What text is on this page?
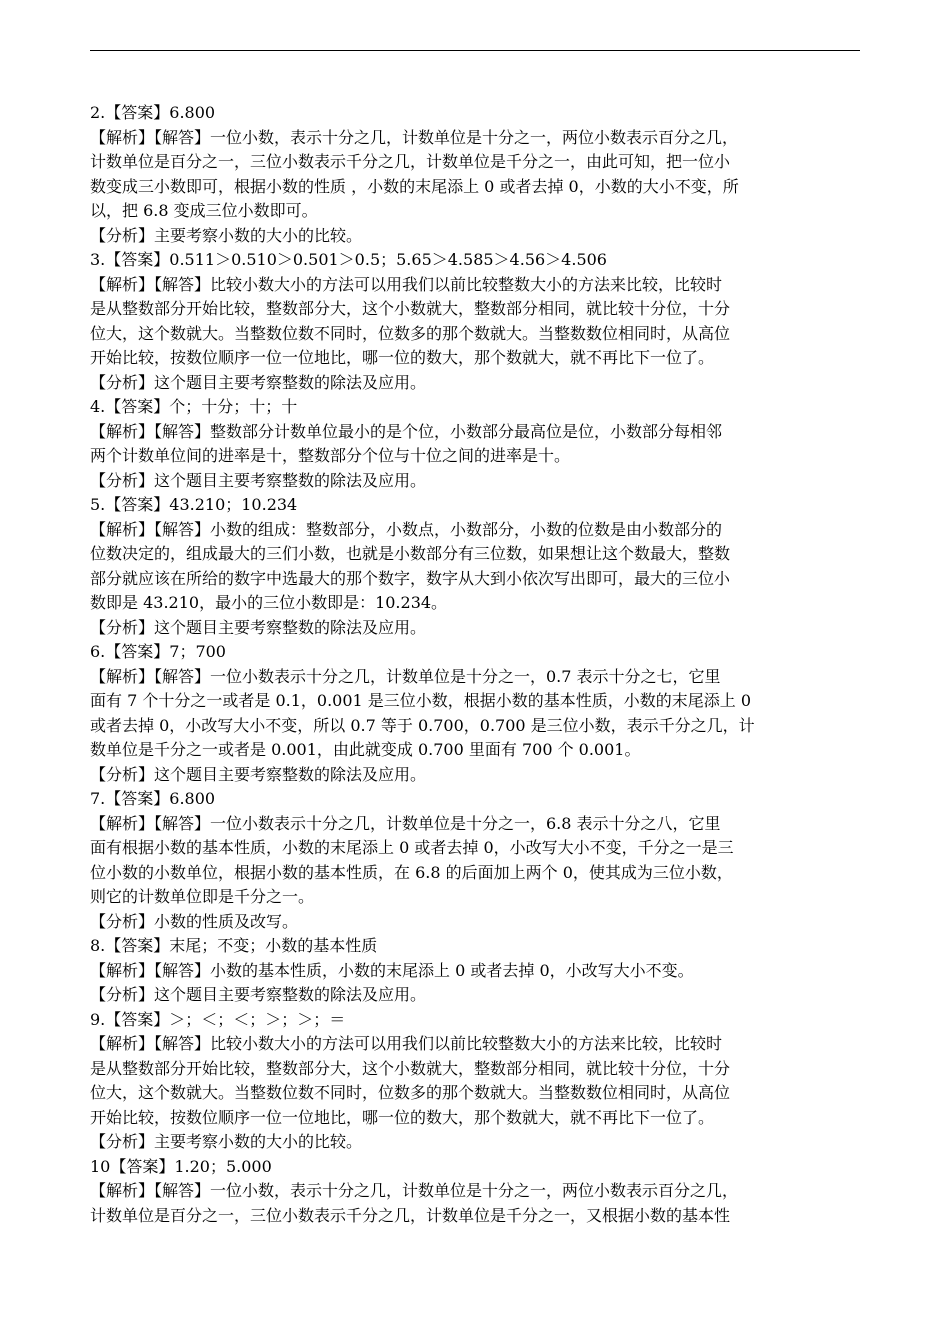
2.【答案】6.800

【解析】【解答】一位小数，表示十分之几，计数单位是十分之一，两位小数表示百分之几，

计数单位是百分之一，三位小数表示千分之几，计数单位是千分之一，由此可知，把一位小

数变成三小数即可，根据小数的性质 ，小数的末尾添上 0 或者去掉 0，小数的大小不变，所

以，把 6.8 变成三位小数即可。

【分析】主要考察小数的大小的比较。

3.【答案】0.511＞0.510＞0.501＞0.5；5.65＞4.585＞4.56＞4.506

【解析】【解答】比较小数大小的方法可以用我们以前比较整数大小的方法来比较，比较时

是从整数部分开始比较，整数部分大，这个小数就大，整数部分相同，就比较十分位，十分

位大，这个数就大。当整数位数不同时，位数多的那个数就大。当整数数位相同时，从高位

开始比较，按数位顺序一位一位地比，哪一位的数大，那个数就大，就不再比下一位了。

【分析】这个题目主要考察整数的除法及应用。

4.【答案】个；十分；十；十

【解析】【解答】整数部分计数单位最小的是个位，小数部分最高位是位，小数部分每相邻

两个计数单位间的进率是十，整数部分个位与十位之间的进率是十。

【分析】这个题目主要考察整数的除法及应用。

5.【答案】43.210；10.234

【解析】【解答】小数的组成：整数部分，小数点，小数部分，小数的位数是由小数部分的

位数决定的，组成最大的三们小数，也就是小数部分有三位数，如果想让这个数最大，整数

部分就应该在所给的数字中选最大的那个数字，数字从大到小依次写出即可，最大的三位小

数即是 43.210，最小的三位小数即是：10.234。

【分析】这个题目主要考察整数的除法及应用。

6.【答案】7；700

【解析】【解答】一位小数表示十分之几，计数单位是十分之一，0.7 表示十分之七，它里

面有 7 个十分之一或者是 0.1，0.001 是三位小数，根据小数的基本性质，小数的末尾添上 0

或者去掉 0，小改写大小不变，所以 0.7 等于 0.700，0.700 是三位小数，表示千分之几，计

数单位是千分之一或者是 0.001，由此就变成 0.700 里面有 700 个 0.001。

【分析】这个题目主要考察整数的除法及应用。

7.【答案】6.800

【解析】【解答】一位小数表示十分之几，计数单位是十分之一，6.8 表示十分之八，它里

面有根据小数的基本性质，小数的末尾添上 0 或者去掉 0，小改写大小不变，千分之一是三

位小数的小数单位，根据小数的基本性质，在 6.8 的后面加上两个 0，使其成为三位小数，

则它的计数单位即是千分之一。

【分析】小数的性质及改写。

8.【答案】末尾；不变；小数的基本性质

【解析】【解答】小数的基本性质，小数的末尾添上 0 或者去掉 0，小改写大小不变。

【分析】这个题目主要考察整数的除法及应用。

9.【答案】＞；＜；＜；＞；＞；＝

【解析】【解答】比较小数大小的方法可以用我们以前比较整数大小的方法来比较，比较时

是从整数部分开始比较，整数部分大，这个小数就大，整数部分相同，就比较十分位，十分

位大，这个数就大。当整数位数不同时，位数多的那个数就大。当整数数位相同时，从高位

开始比较，按数位顺序一位一位地比，哪一位的数大，那个数就大，就不再比下一位了。

【分析】主要考察小数的大小的比较。

10【答案】1.20；5.000

【解析】【解答】一位小数，表示十分之几，计数单位是十分之一，两位小数表示百分之几，

计数单位是百分之一，三位小数表示千分之几，计数单位是千分之一，又根据小数的基本性
